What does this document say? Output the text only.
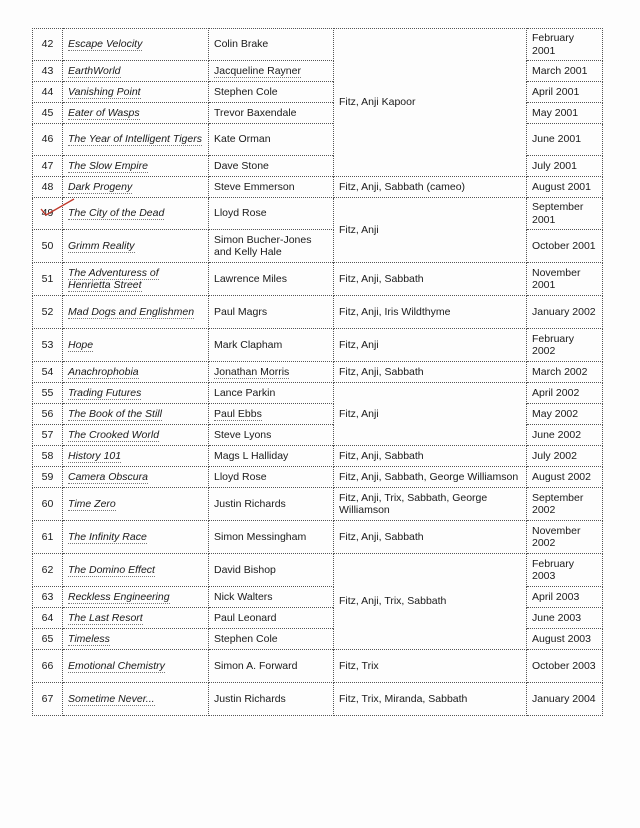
42	Escape Velocity	Colin Brake	Fitz, Anji Kapoor	February 2001
43	EarthWorld	Jacqueline Rayner		March 2001
44	Vanishing Point	Stephen Cole		April 2001
45	Eater of Wasps	Trevor Baxendale		May 2001
46	The Year of Intelligent Tigers	Kate Orman		June 2001
47	The Slow Empire	Dave Stone		July 2001
48	Dark Progeny	Steve Emmerson	Fitz, Anji, Sabbath (cameo)	August 2001
49	The City of the Dead	Lloyd Rose	Fitz, Anji	September 2001
50	Grimm Reality	Simon Bucher-Jones and Kelly Hale		October 2001
51	The Adventuress of Henrietta Street	Lawrence Miles	Fitz, Anji, Sabbath	November 2001
52	Mad Dogs and Englishmen	Paul Magrs	Fitz, Anji, Iris Wildthyme	January 2002
53	Hope	Mark Clapham	Fitz, Anji	February 2002
54	Anachrophobia	Jonathan Morris	Fitz, Anji, Sabbath	March 2002
55	Trading Futures	Lance Parkin	Fitz, Anji	April 2002
56	The Book of the Still	Paul Ebbs		May 2002
57	The Crooked World	Steve Lyons		June 2002
58	History 101	Mags L Halliday	Fitz, Anji, Sabbath	July 2002
59	Camera Obscura	Lloyd Rose	Fitz, Anji, Sabbath, George Williamson	August 2002
60	Time Zero	Justin Richards	Fitz, Anji, Trix, Sabbath, George Williamson	September 2002
61	The Infinity Race	Simon Messingham	Fitz, Anji, Sabbath	November 2002
62	The Domino Effect	David Bishop	Fitz, Anji, Trix, Sabbath	February 2003
63	Reckless Engineering	Nick Walters		April 2003
64	The Last Resort	Paul Leonard		June 2003
65	Timeless	Stephen Cole		August 2003
66	Emotional Chemistry	Simon A. Forward	Fitz, Trix	October 2003
67	Sometime Never...	Justin Richards	Fitz, Trix, Miranda, Sabbath	January 2004
